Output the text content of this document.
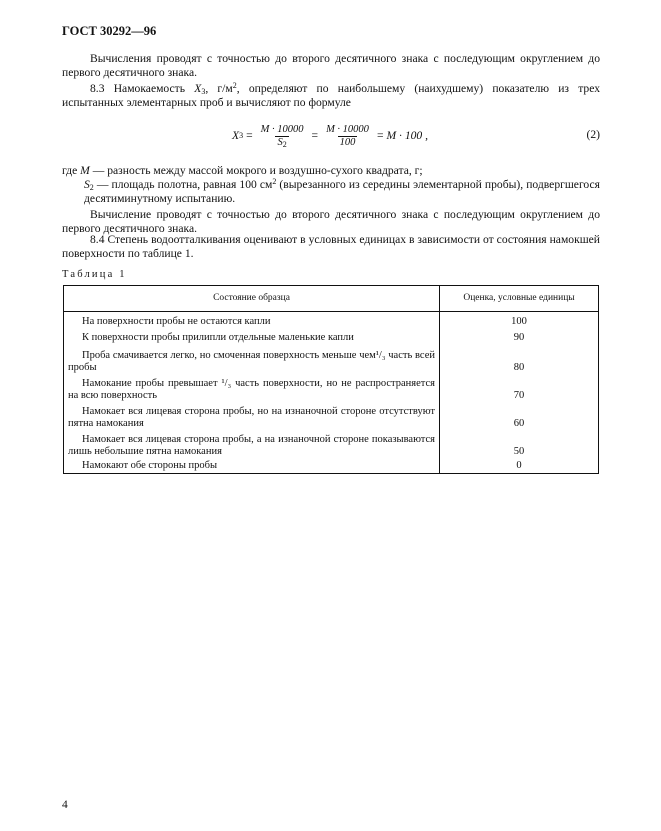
ГОСТ 30292—96
Вычисления проводят с точностью до второго десятичного знака с последующим округлением до первого десятичного знака.
8.3 Намокаемость $X_3$, $г/м^2$, определяют по наибольшему (наихудшему) показателю из трех испытанных элементарных проб и вычисляют по формуле
X $3 = \frac{M \cdot 10000}{S_2} = \frac{M \cdot 10000}{100} = M \cdot 100$ ,	(2)
где M — разность между массой мокрого и воздушно-сухого квадрата, г;
$S_2$ — площадь полотна, равная 100 $см^2$ (вырезанного из середины элементарной пробы), подвергшегося десятиминутному испытанию.
Вычисление проводят с точностью до второго десятичного знака с последующим округлением до первого десятичного знака.
8.4 Степень водоотталкивания оценивают в условных единицах в зависимости от состояния намокшей поверхности по таблице 1.
Таблица 1
Состояние образца	Оценка, условные единицы

На поверхности пробы не остаются капли	100

К поверхности пробы прилипли отдельные маленькие капли	90

Проба смачивается легко, но смоченная поверхность меньше чем¹/₃ часть всей пробы	80

Намокание пробы превышает ¹/₃ часть поверхности, но не распространяется на всю поверхность	70

Намокает вся лицевая сторона пробы, но на изнаночной стороне отсутствуют пятна намокания	60

Намокает вся лицевая сторона пробы, а на изнаночной стороне показываются лишь небольшие пятна намокания	50

Намокают обе стороны пробы	0
4
